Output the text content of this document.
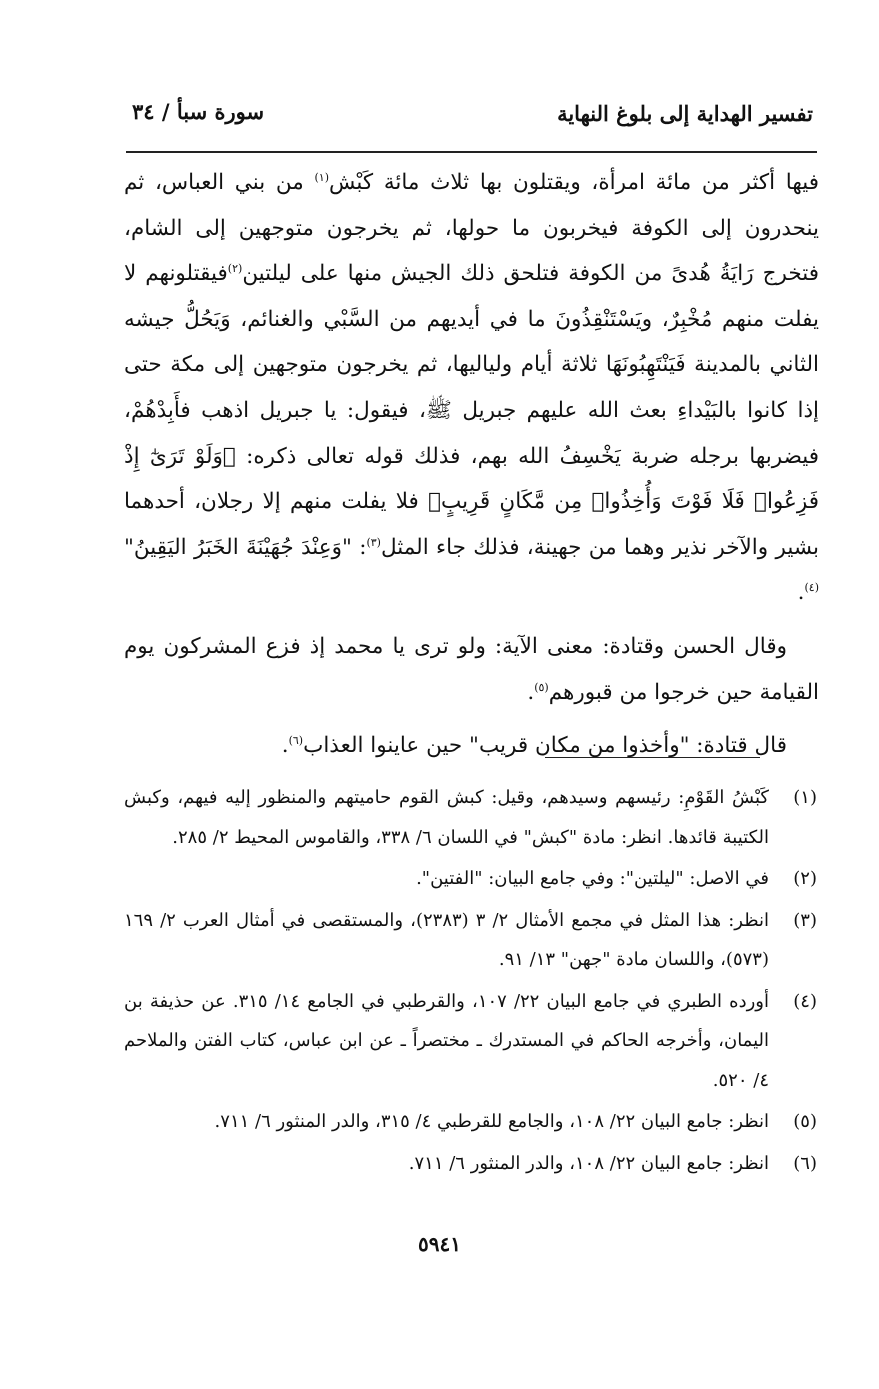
تفسير الهداية إلى بلوغ النهاية
سورة سبأ / ٣٤

فيها أكثر من مائة امرأة، ويقتلون بها ثلاث مائة كَبْش$^{(١)}$ من بني العباس، ثم ينحدرون إلى الكوفة فيخربون ما حولها، ثم يخرجون متوجهين إلى الشام، فتخرج رَايَةُ هُدىً من الكوفة فتلحق ذلك الجيش منها على ليلتين$^{(٢)}$فيقتلونهم لا يفلت منهم مُخْبِرٌ، ويَسْتَنْقِذُونَ ما في أيديهم من السَّبْي والغنائم، وَيَحُلُّ جيشه الثاني بالمدينة فَيَنْتَهِبُونَهَا ثلاثة أيام ولياليها، ثم يخرجون متوجهين إلى مكة حتى إذا كانوا بالبَيْداءِ بعث الله عليهم جبريل ﷺ، فيقول: يا جبريل اذهب فأَبِدْهُمْ، فيضربها برجله ضربة يَخْسِفُ الله بهم، فذلك قوله تعالى ذكره: ﴿وَلَوْ تَرَىٰٓ إِذْ فَزِعُوا۟ فَلَا فَوْتَ وَأُخِذُوا۟ مِن مَّكَانٍ قَرِيبٍ﴾ فلا يفلت منهم إلا رجلان، أحدهما بشير والآخر نذير وهما من جهينة، فذلك جاء المثل$^{(٣)}$: "وَعِنْدَ جُهَيْنَةَ الخَبَرُ اليَقِينُ"$^{(٤)}$.

وقال الحسن وقتادة: معنى الآية: ولو ترى يا محمد إذ فزع المشركون يوم القيامة حين خرجوا من قبورهم$^{(٥)}$.

قال قتادة: "وأخذوا من مكان قريب" حين عاينوا العذاب$^{(٦)}$.

(١)
كَبْشُ القَوْمِ: رئيسهم وسيدهم، وقيل: كبش القوم حاميتهم والمنظور إليه فيهم، وكبش الكتيبة قائدها. انظر: مادة "كبش" في اللسان ٦/ ٣٣٨، والقاموس المحيط ٢/ ٢٨٥.
(٢)
في الاصل: "ليلتين": وفي جامع البيان: "الفتين".
(٣)
انظر: هذا المثل في مجمع الأمثال ٢/ ٣ (٢٣٨٣)، والمستقصى في أمثال العرب ٢/ ١٦٩ (٥٧٣)، واللسان مادة "جهن" ١٣/ ٩١.
(٤)
أورده الطبري في جامع البيان ٢٢/ ١٠٧، والقرطبي في الجامع ١٤/ ٣١٥. عن حذيفة بن اليمان، وأخرجه الحاكم في المستدرك ـ مختصراً ـ عن ابن عباس، كتاب الفتن والملاحم ٤/ ٥٢٠.
(٥)
انظر: جامع البيان ٢٢/ ١٠٨، والجامع للقرطبي ٤/ ٣١٥، والدر المنثور ٦/ ٧١١.
(٦)
انظر: جامع البيان ٢٢/ ١٠٨، والدر المنثور ٦/ ٧١١.
٥٩٤١
